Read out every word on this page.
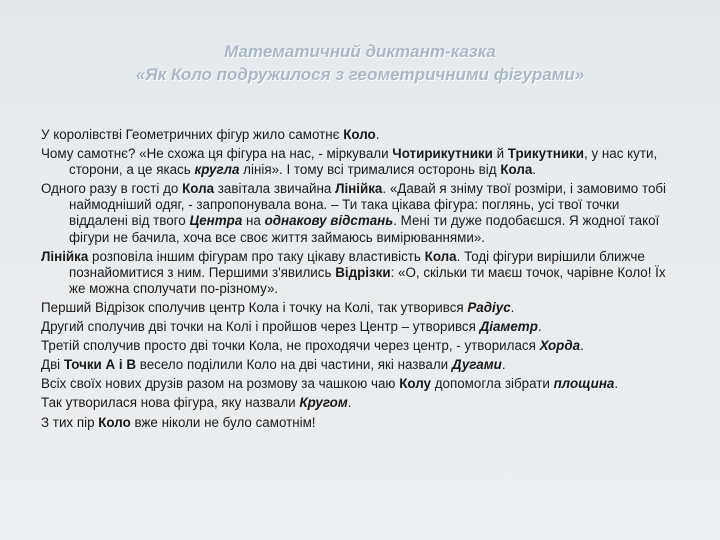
Математичний диктант-казка
«Як Коло подружилося з геометричними фігурами»

У королівстві Геометричних фігур жило самотнє Коло.

Чому самотнє? «Не схожа ця фігура на нас, - міркували Чотирикутники й Трикутники, у нас кути, сторони, а це якась кругла лінія». І тому всі трималися осторонь від Кола.

Одного разу в гості до Кола завітала звичайна Лінійка. «Давай я зніму твої розміри, і замовимо тобі наймодніший одяг, - запропонувала вона. – Ти така цікава фігура: поглянь, усі твої точки віддалені від твого Центра на однакову відстань. Мені ти дуже подобаєшся. Я жодної такої фігури не бачила, хоча все своє життя займаюсь вимірюваннями».

Лінійка розповіла іншим фігурам про таку цікаву властивість Кола. Тоді фігури вирішили ближче познайомитися з ним. Першими з'явились Відрізки: «О, скільки ти маєш точок, чарівне Коло! Їх же можна сполучати по-різному».

Перший Відрізок сполучив центр Кола і точку на Колі, так утворився Радіус.

Другий сполучив дві точки на Колі і пройшов через Центр – утворився Діаметр.

Третій сполучив просто дві точки Кола, не проходячи через центр, - утворилася Хорда.

Дві Точки А і В весело поділили Коло на дві частини, які назвали Дугами.

Всіх своїх нових друзів разом на розмову за чашкою чаю Колу допомогла зібрати площина.

Так утворилася нова фігура, яку назвали Кругом.

З тих пір Коло вже ніколи не було самотнім!
